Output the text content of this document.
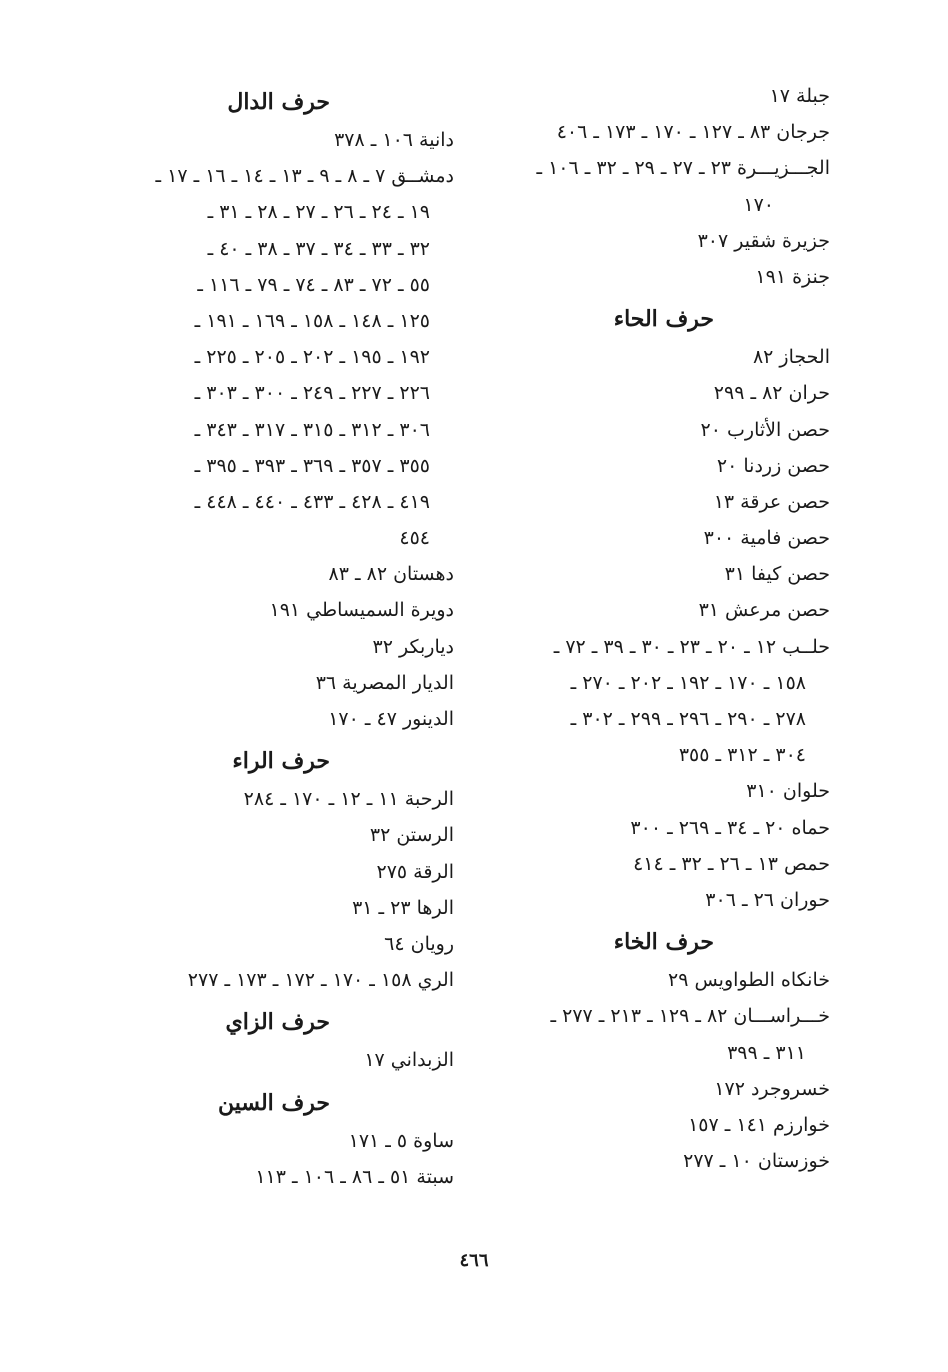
جبلة ١٧
جرجان ٨٣ ـ ١٢٧ ـ ١٧٠ ـ ١٧٣ ـ ٤٠٦
الجـــزيـــرة ٢٣ ـ ٢٧ ـ ٢٩ ـ ٣٢ ـ ١٠٦ ـ
١٧٠
جزيرة شقير ٣٠٧
جنزة ١٩١
حرف الحاء
الحجاز ٨٢
حران ٨٢ ـ ٢٩٩
حصن الأثارب ٢٠
حصن زردنا ٢٠
حصن عرقة ١٣
حصن فامية ٣٠٠
حصن كيفا ٣١
حصن مرعش ٣١
حلــب ١٢ ـ ٢٠ ـ ٢٣ ـ ٣٠ ـ ٣٩ ـ ٧٢ ـ
١٥٨ ـ ١٧٠ ـ ١٩٢ ـ ٢٠٢ ـ ٢٧٠ ـ
٢٧٨ ـ ٢٩٠ ـ ٢٩٦ ـ ٢٩٩ ـ ٣٠٢ ـ
٣٠٤ ـ ٣١٢ ـ ٣٥٥
حلوان ٣١٠
حماه ٢٠ ـ ٣٤ ـ ٢٦٩ ـ ٣٠٠
حمص ١٣ ـ ٢٦ ـ ٣٢ ـ ٤١٤
حوران ٢٦ ـ ٣٠٦
حرف الخاء
خانكاه الطواويس ٢٩
خـــراســـان ٨٢ ـ ١٢٩ ـ ٢١٣ ـ ٢٧٧ ـ
٣١١ ـ ٣٩٩
خسروجرد ١٧٢
خوارزم ١٤١ ـ ١٥٧
خوزستان ١٠ ـ ٢٧٧
حرف الدال
دانية ١٠٦ ـ ٣٧٨
دمشــق ٧ ـ ٨ ـ ٩ ـ ١٣ ـ ١٤ ـ ١٦ ـ ١٧ ـ
١٩ ـ ٢٤ ـ ٢٦ ـ ٢٧ ـ ٢٨ ـ ٣١ ـ
٣٢ ـ ٣٣ ـ ٣٤ ـ ٣٧ ـ ٣٨ ـ ٤٠ ـ
٥٥ ـ ٧٢ ـ ٨٣ ـ ٧٤ ـ ٧٩ ـ ١١٦ ـ
١٢٥ ـ ١٤٨ ـ ١٥٨ ـ ١٦٩ ـ ١٩١ ـ
١٩٢ ـ ١٩٥ ـ ٢٠٢ ـ ٢٠٥ ـ ٢٢٥ ـ
٢٢٦ ـ ٢٢٧ ـ ٢٤٩ ـ ٣٠٠ ـ ٣٠٣ ـ
٣٠٦ ـ ٣١٢ ـ ٣١٥ ـ ٣١٧ ـ ٣٤٣ ـ
٣٥٥ ـ ٣٥٧ ـ ٣٦٩ ـ ٣٩٣ ـ ٣٩٥ ـ
٤١٩ ـ ٤٢٨ ـ ٤٣٣ ـ ٤٤٠ ـ ٤٤٨ ـ
٤٥٤
دهستان ٨٢ ـ ٨٣
دويرة السميساطي ١٩١
دياربكر ٣٢
الديار المصرية ٣٦
الدينور ٤٧ ـ ١٧٠
حرف الراء
الرحبة ١١ ـ ١٢ ـ ١٧٠ ـ ٢٨٤
الرستن ٣٢
الرقة ٢٧٥
الرها ٢٣ ـ ٣١
رويان ٦٤
الري ١٥٨ ـ ١٧٠ ـ ١٧٢ ـ ١٧٣ ـ ٢٧٧
حرف الزاي
الزبداني ١٧
حرف السين
ساوة ٥ ـ ١٧١
سبتة ٥١ ـ ٨٦ ـ ١٠٦ ـ ١١٣
٤٦٦
